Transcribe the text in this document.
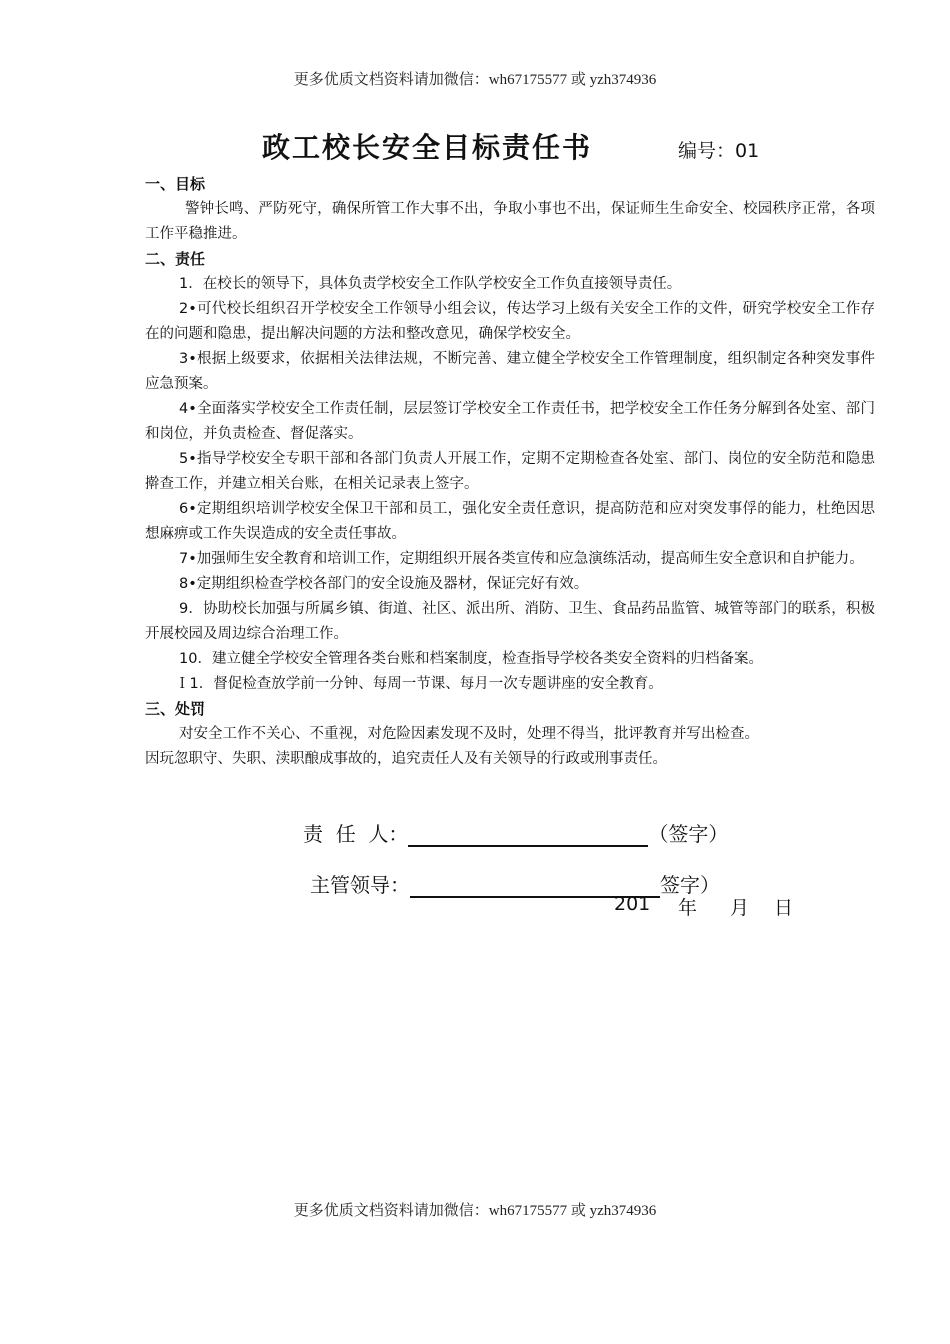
更多优质文档资料请加微信：wh67175577 或 yzh374936
政工校长安全目标责任书	编号：01

一、目标

警钟长鸣、严防死守，确保所管工作大事不出，争取小事也不出，保证师生生命安全、校园秩序正常，各项工作平稳推进。

二、责任

1．在校长的领导下，具体负责学校安全工作队学校安全工作负直接领导责任。

2•可代校长组织召开学校安全工作领导小组会议，传达学习上级有关安全工作的文件，研究学校安全工作存在的问题和隐患，提出解决问题的方法和整改意见，确保学校安全。

3•根据上级要求，依据相关法律法规，不断完善、建立健全学校安全工作管理制度，组织制定各种突发事件应急预案。

4•全面落实学校安全工作责任制，层层签订学校安全工作责任书，把学校安全工作任务分解到各处室、部门和岗位，并负责检查、督促落实。

5•指导学校安全专职干部和各部门负责人开展工作，定期不定期检查各处室、部门、岗位的安全防范和隐患擀查工作，并建立相关台账，在相关记录表上签字。

6•定期组织培训学校安全保卫干部和员工，强化安全责任意识，提高防范和应对突发事俘的能力，杜绝因思想麻痹或工作失误造成的安全责任事故。

7•加强师生安全教育和培训工作，定期组织开展各类宣传和应急演练活动，提高师生安全意识和自护能力。

8•定期组织检查学校各部门的安全设施及器材，保证完好有效。

9．协助校长加强与所属乡镇、街道、社区、派出所、消防、卫生、食品药品监管、城管等部门的联系，积极开展校园及周边综合治理工作。

10．建立健全学校安全管理各类台账和档案制度，检查指导学校各类安全资料的归档备案。

Ｉ1．督促检查放学前一分钟、每周一节课、每月一次专题讲座的安全教育。

三、处罚

对安全工作不关心、不重视，对危险因素发现不及时，处理不得当，批评教育并写出检查。

因玩忽职守、失职、渎职酿成事故的，追究责任人及有关领导的行政或刑事责任。

责  任  人：	（签字）
主管领导：	签字）
201 年 月 日
更多优质文档资料请加微信：wh67175577 或 yzh374936
